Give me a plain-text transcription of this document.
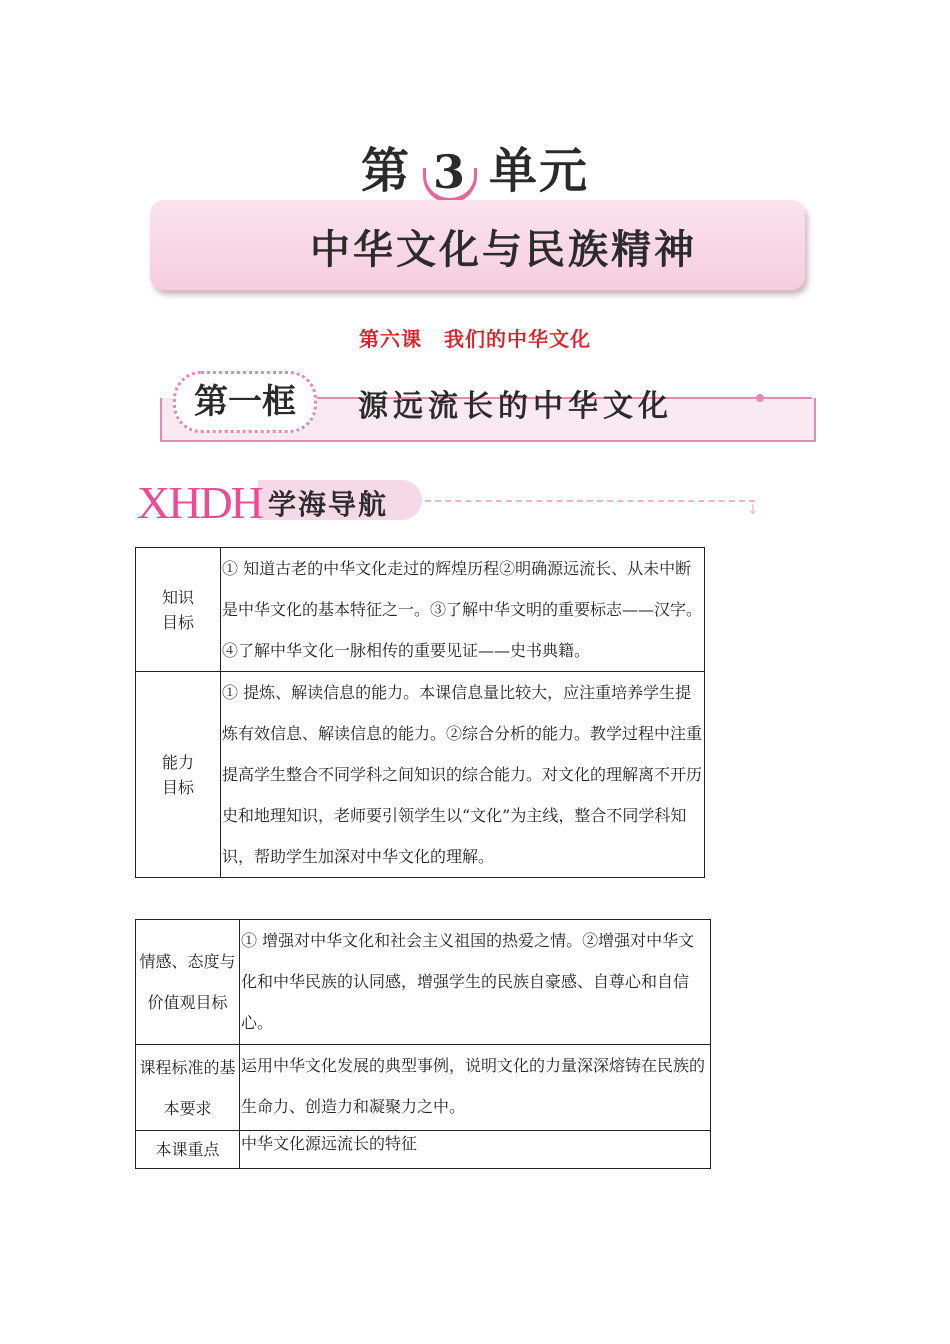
第 3 单元
中华文化与民族精神
第六课 我们的中华文化
第一框	源远流长的中华文化
XHDH 学海导航	↓
知识
目标	① 知道古老的中华文化走过的辉煌历程②明确源远流长、从未中断是中华文化的基本特征之一。③了解中华文明的重要标志——汉字。④了解中华文化一脉相传的重要见证——史书典籍。
能力
目标	① 提炼、解读信息的能力。本课信息量比较大，应注重培养学生提炼有效信息、解读信息的能力。②综合分析的能力。教学过程中注重提高学生整合不同学科之间知识的综合能力。对文化的理解离不开历史和地理知识，老师要引领学生以“文化”为主线，整合不同学科知识，帮助学生加深对中华文化的理解。
情感、态度与价值观目标	① 增强对中华文化和社会主义祖国的热爱之情。②增强对中华文化和中华民族的认同感，增强学生的民族自豪感、自尊心和自信心。
课程标准的基本要求	运用中华文化发展的典型事例，说明文化的力量深深熔铸在民族的生命力、创造力和凝聚力之中。
本课重点	中华文化源远流长的特征
